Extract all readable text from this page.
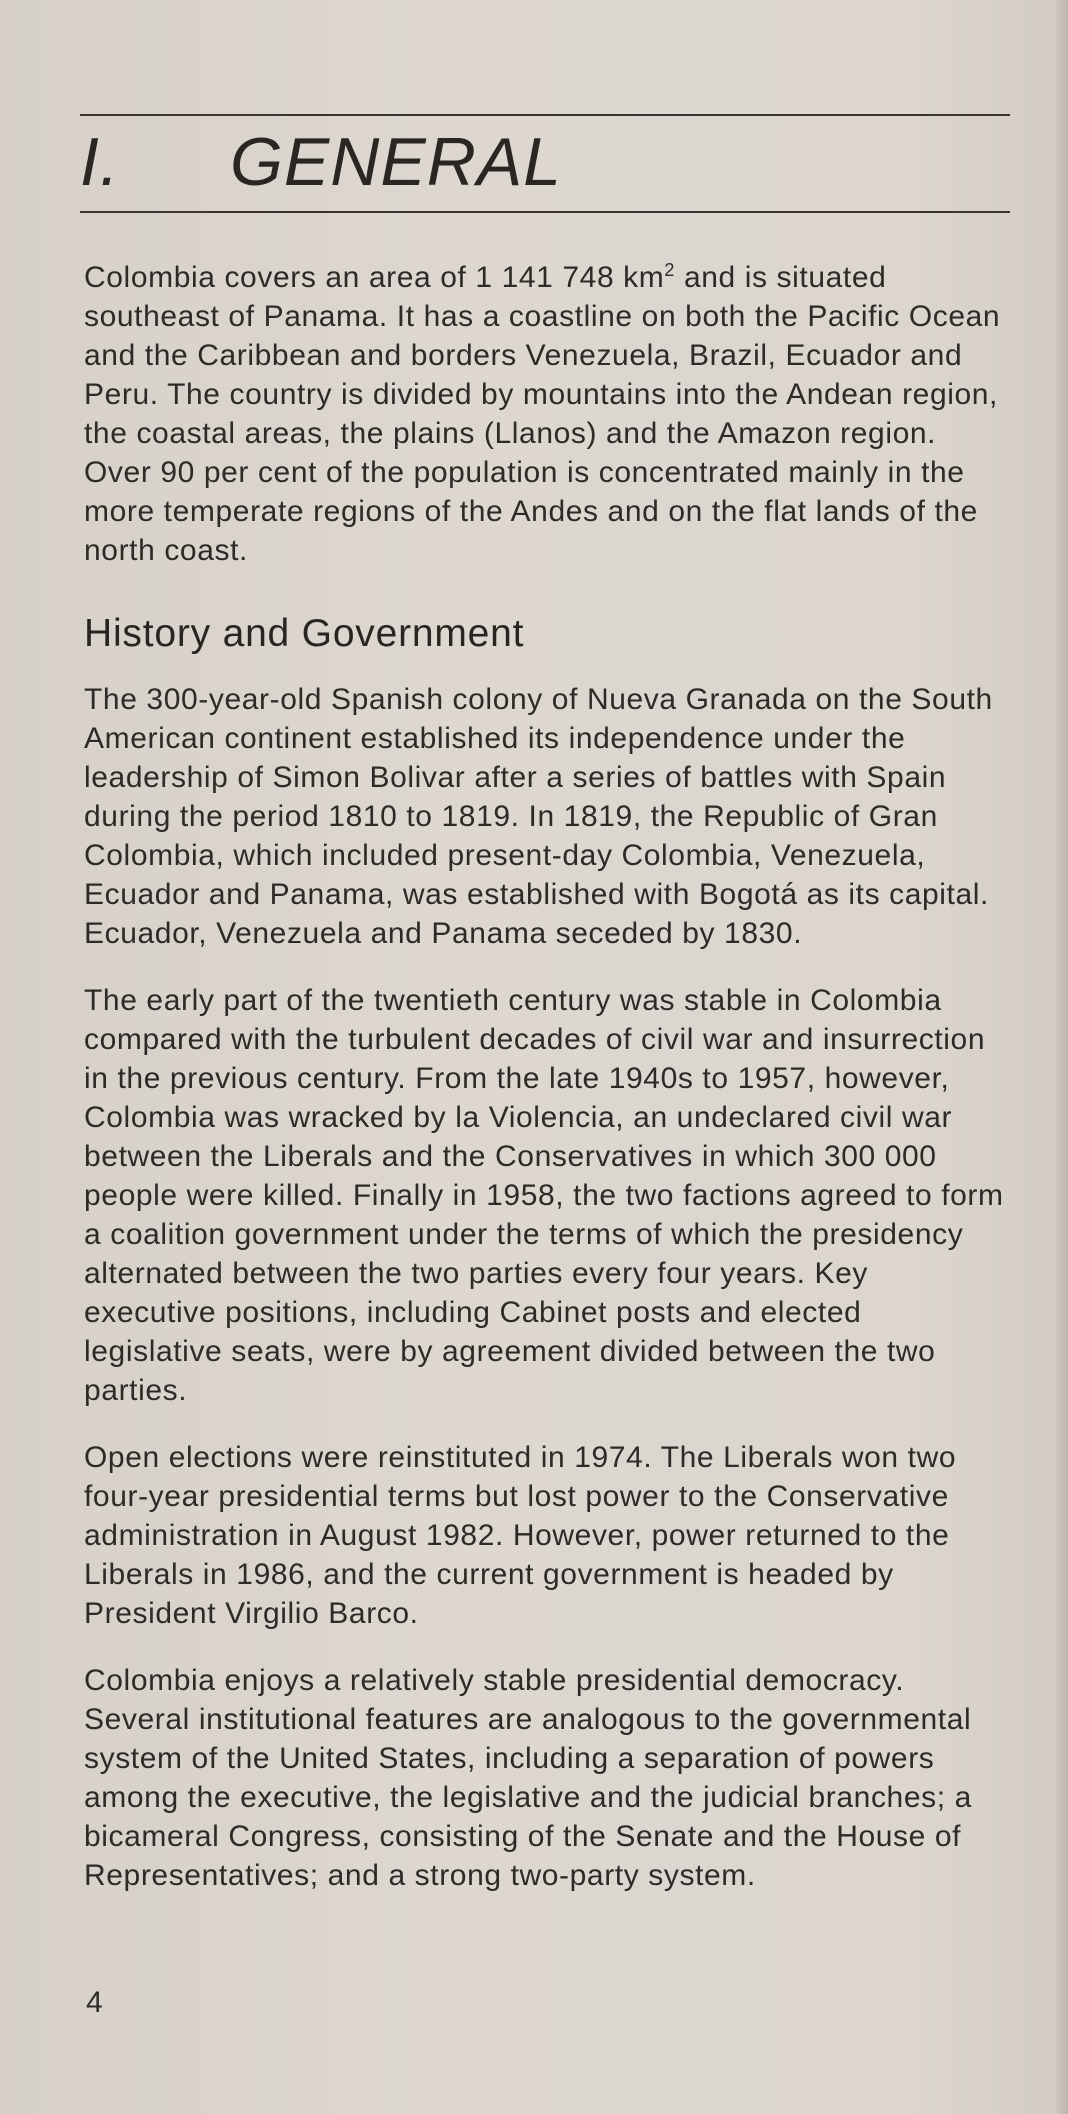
I. GENERAL

Colombia covers an area of 1 141 748 $km^2$ and is situated southeast of Panama. It has a coastline on both the Pacific Ocean and the Caribbean and borders Venezuela, Brazil, Ecuador and Peru. The country is divided by mountains into the Andean region, the coastal areas, the plains (Llanos) and the Amazon region. Over 90 per cent of the population is concentrated mainly in the more temperate regions of the Andes and on the flat lands of the north coast.

History and Government

The 300-year-old Spanish colony of Nueva Granada on the South American continent established its independence under the leadership of Simon Bolivar after a series of battles with Spain during the period 1810 to 1819. In 1819, the Republic of Gran Colombia, which included present-day Colombia, Venezuela, Ecuador and Panama, was established with Bogotá as its capital. Ecuador, Venezuela and Panama seceded by 1830.

The early part of the twentieth century was stable in Colombia compared with the turbulent decades of civil war and insurrection in the previous century. From the late 1940s to 1957, however, Colombia was wracked by la Violencia, an undeclared civil war between the Liberals and the Conservatives in which 300 000 people were killed. Finally in 1958, the two factions agreed to form a coalition government under the terms of which the presidency alternated between the two parties every four years. Key executive positions, including Cabinet posts and elected legislative seats, were by agreement divided between the two parties.

Open elections were reinstituted in 1974. The Liberals won two four-year presidential terms but lost power to the Conservative administration in August 1982. However, power returned to the Liberals in 1986, and the current government is headed by President Virgilio Barco.

Colombia enjoys a relatively stable presidential democracy. Several institutional features are analogous to the governmental system of the United States, including a separation of powers among the executive, the legislative and the judicial branches; a bicameral Congress, consisting of the Senate and the House of Representatives; and a strong two-party system.

4
